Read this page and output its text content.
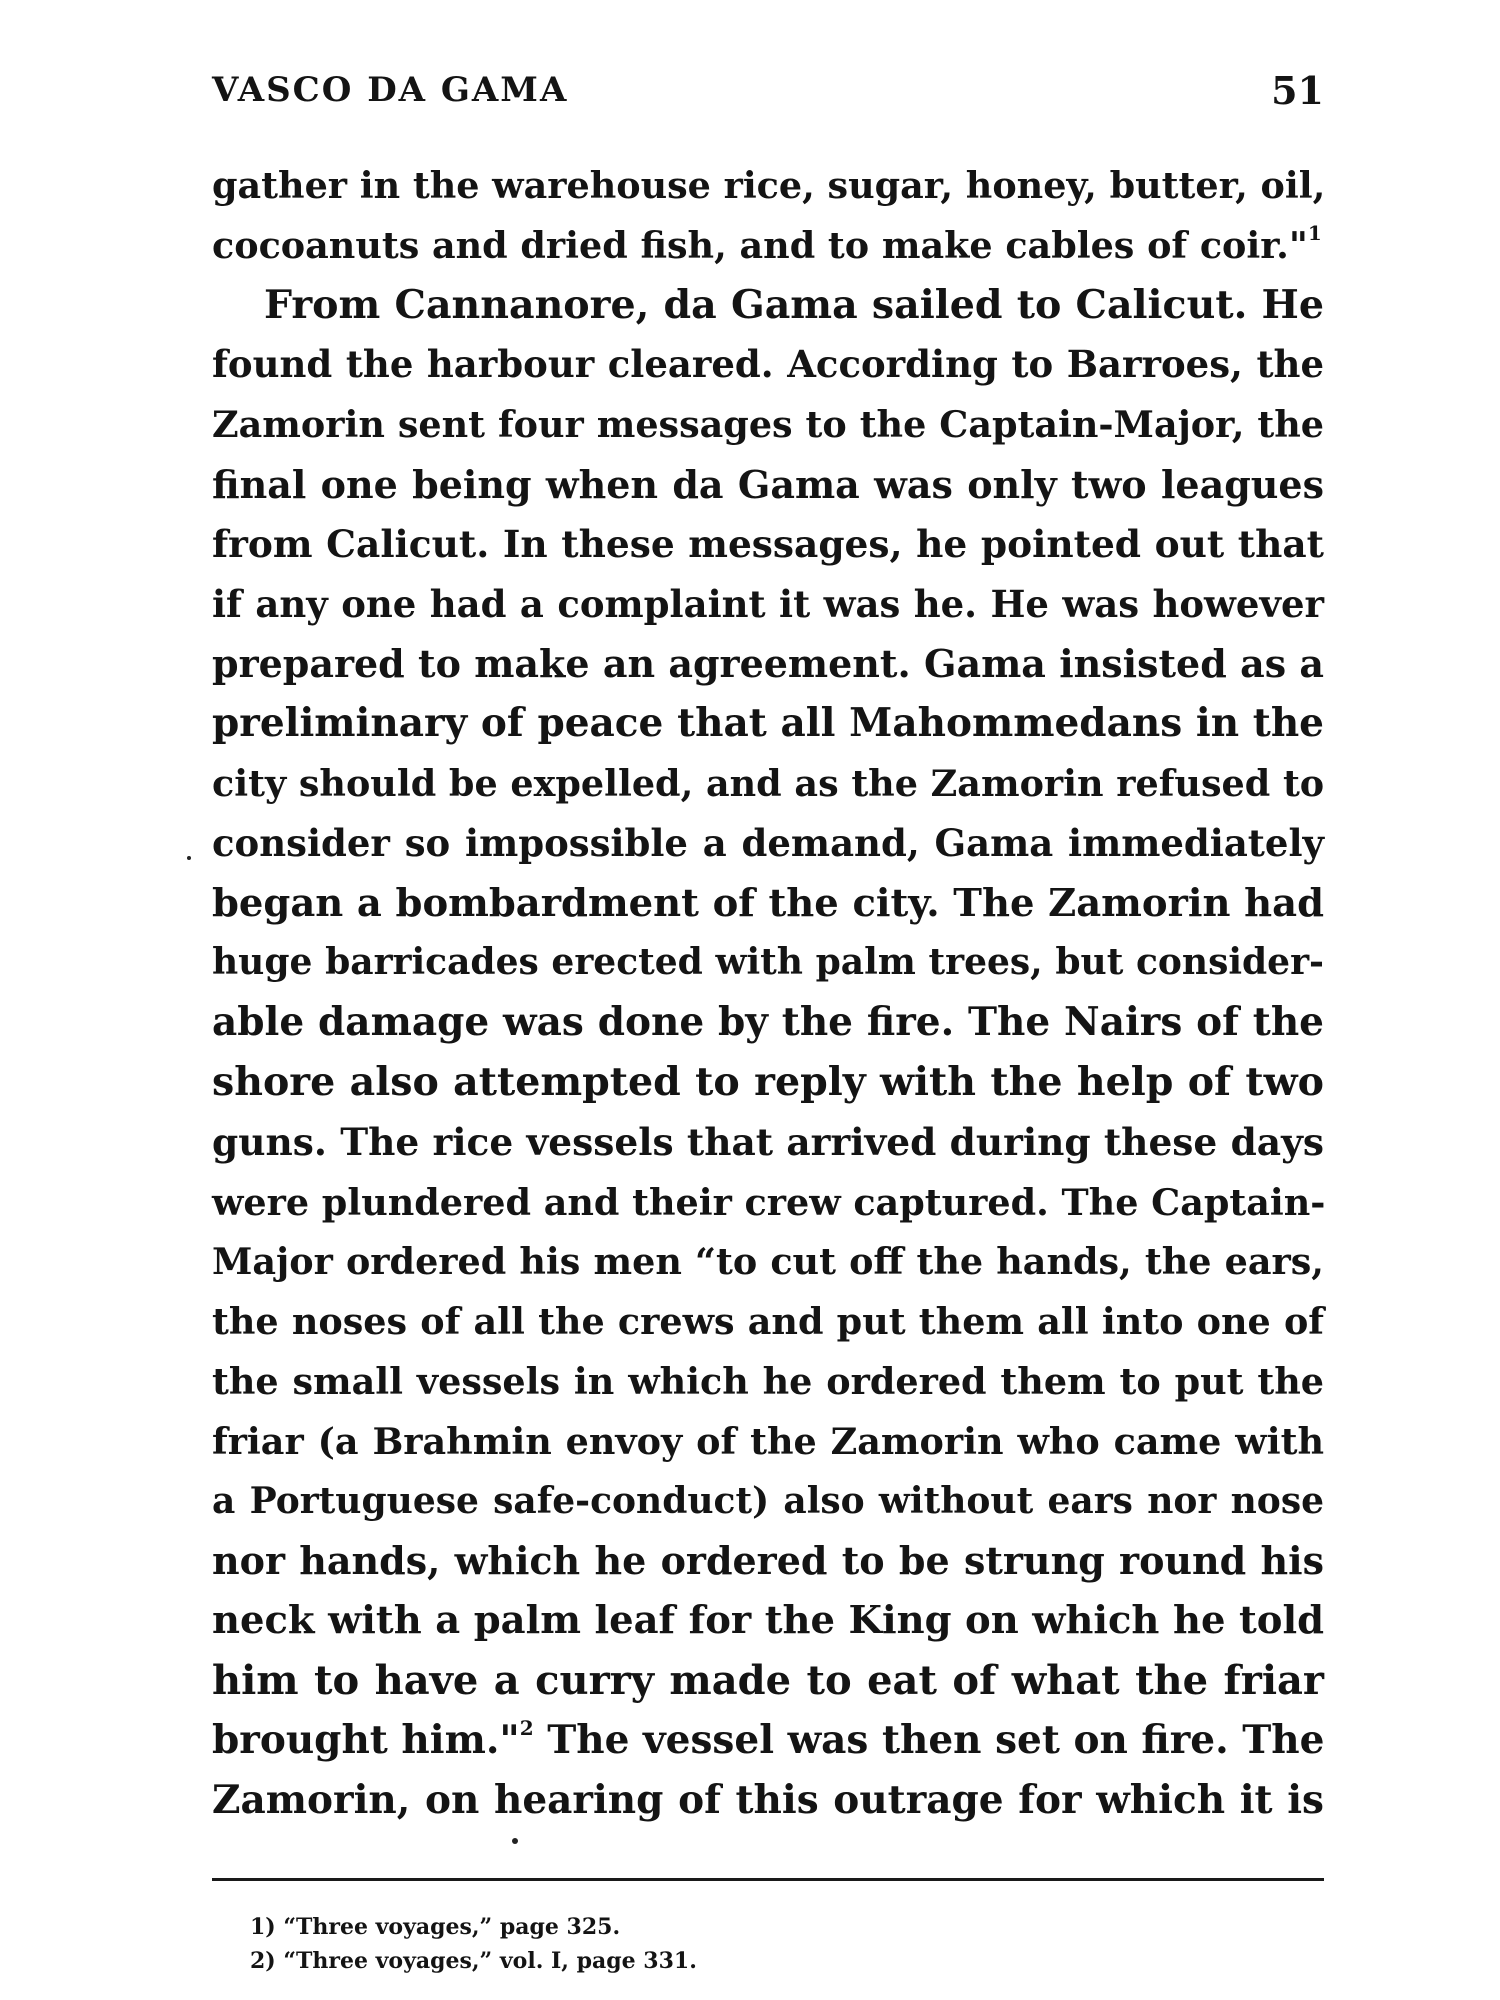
VASCO DA GAMA	51
gather in the warehouse rice, sugar, honey, butter, oil,
cocoanuts and dried fish, and to make cables of coir."$^1$
From Cannanore, da Gama sailed to Calicut. He
found the harbour cleared. According to Barroes, the
Zamorin sent four messages to the Captain-Major, the
final one being when da Gama was only two leagues
from Calicut. In these messages, he pointed out that
if any one had a complaint it was he. He was however
prepared to make an agreement. Gama insisted as a
preliminary of peace that all Mahommedans in the
city should be expelled, and as the Zamorin refused to
consider so impossible a demand, Gama immediately
began a bombardment of the city. The Zamorin had
huge barricades erected with palm trees, but consider-
able damage was done by the fire. The Nairs of the
shore also attempted to reply with the help of two
guns. The rice vessels that arrived during these days
were plundered and their crew captured. The Captain-
Major ordered his men “to cut off the hands, the ears,
the noses of all the crews and put them all into one of
the small vessels in which he ordered them to put the
friar (a Brahmin envoy of the Zamorin who came with
a Portuguese safe-conduct) also without ears nor nose
nor hands, which he ordered to be strung round his
neck with a palm leaf for the King on which he told
him to have a curry made to eat of what the friar
brought him."$^2$ The vessel was then set on fire. The
Zamorin, on hearing of this outrage for which it is
1) “Three voyages,” page 325.
2) “Three voyages,” vol. I, page 331.
